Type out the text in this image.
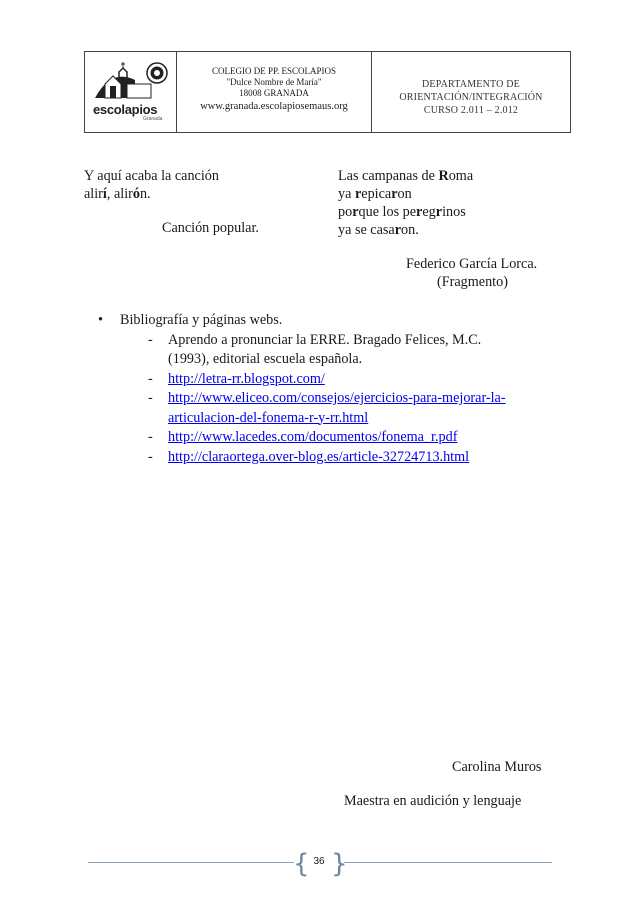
escolapios
Granada
COLEGIO DE PP. ESCOLAPIOS
"Dulce Nombre de María"
18008 GRANADA
www.granada.escolapiosemaus.org
DEPARTAMENTO DE
ORIENTACIÓN/INTEGRACIÓN
CURSO 2.011 – 2.012
Y aquí acaba la canción
alirí, alirón.
Canción popular.
Las campanas de Roma
ya repicaron
porque los peregrinos
ya se casaron.
Federico García Lorca.
(Fragmento)
• Bibliografía y páginas webs.
- Aprendo a pronunciar la ERRE. Bragado Felices, M.C.
(1993), editorial escuela española.
- http://letra-rr.blogspot.com/
- http://www.eliceo.com/consejos/ejercicios-para-mejorar-la-
articulacion-del-fonema-r-y-rr.html
- http://www.lacedes.com/documentos/fonema_r.pdf
- http://claraortega.over-blog.es/article-32724713.html
Carolina Muros
Maestra en audición y lenguaje
{ }
36
